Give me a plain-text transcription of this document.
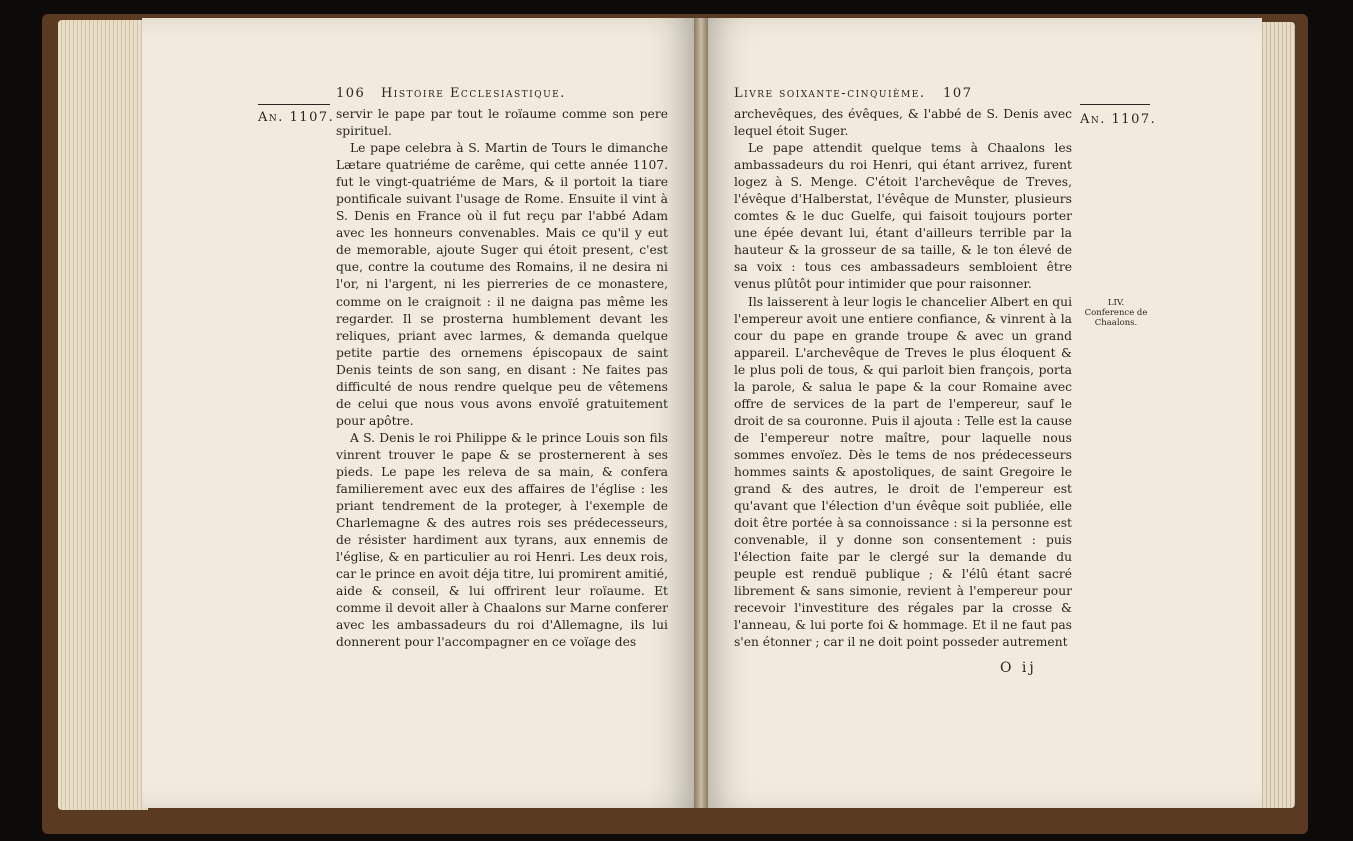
106 Histoire Ecclesiastique.
An. 1107. servir le pape par tout le roïaume comme son pere spirituel.

Le pape celebra à S. Martin de Tours le dimanche Lætare quatriéme de carême, qui cette année 1107. fut le vingt-quatriéme de Mars, & il portoit la tiare pontificale suivant l'usage de Rome. Ensuite il vint à S. Denis en France où il fut reçu par l'abbé Adam avec les honneurs convenables. Mais ce qu'il y eut de memorable, ajoute Suger qui étoit present, c'est que, contre la coutume des Romains, il ne desira ni l'or, ni l'argent, ni les pierreries de ce monastere, comme on le craignoit : il ne daigna pas même les regarder. Il se prosterna humblement devant les reliques, priant avec larmes, & demanda quelque petite partie des ornemens épiscopaux de saint Denis teints de son sang, en disant : Ne faites pas difficulté de nous rendre quelque peu de vêtemens de celui que nous vous avons envoïé gratuitement pour apôtre.

A S. Denis le roi Philippe & le prince Louis son fils vinrent trouver le pape & se prosternerent à ses pieds. Le pape les releva de sa main, & confera familierement avec eux des affaires de l'église : les priant tendrement de la proteger, à l'exemple de Charlemagne & des autres rois ses prédecesseurs, de résister hardiment aux tyrans, aux ennemis de l'église, & en particulier au roi Henri. Les deux rois, car le prince en avoit déja titre, lui promirent amitié, aide & conseil, & lui offrirent leur roïaume. Et comme il devoit aller à Chaalons sur Marne conferer avec les ambassadeurs du roi d'Allemagne, ils lui donnerent pour l'accompagner en ce voïage des

Livre soixante-cinquième. 107
An. 1107.

archevêques, des évêques, & l'abbé de S. Denis avec lequel étoit Suger.

Le pape attendit quelque tems à Chaalons les ambassadeurs du roi Henri, qui étant arrivez, furent logez à S. Menge. C'étoit l'archevêque de Treves, l'évêque d'Halberstat, l'évêque de Munster, plusieurs comtes & le duc Guelfe, qui faisoit toujours porter une épée devant lui, étant d'ailleurs terrible par la hauteur & la grosseur de sa taille, & le ton élevé de sa voix : tous ces ambassadeurs sembloient être venus plûtôt pour intimider que pour raisonner.

Ils laisserent à leur logis le chancelier Albert en qui l'empereur avoit une entiere confiance, & vinrent à la cour du pape en grande troupe & avec un grand appareil. L'archevêque de Treves le plus éloquent & le plus poli de tous, & qui parloit bien françois, porta la parole, & salua le pape & la cour Romaine avec offre de services de la part de l'empereur, sauf le droit de sa couronne. Puis il ajouta : Telle est la cause de l'empereur notre maître, pour laquelle nous sommes envoïez. Dès le tems de nos prédecesseurs hommes saints & apostoliques, de saint Gregoire le grand & des autres, le droit de l'empereur est qu'avant que l'élection d'un évêque soit publiée, elle doit être portée à sa connoissance : si la personne est convenable, il y donne son consentement : puis l'élection faite par le clergé sur la demande du peuple est renduë publique ; & l'élû étant sacré librement & sans simonie, revient à l'empereur pour recevoir l'investiture des régales par la crosse & l'anneau, & lui porte foi & hommage. Et il ne faut pas s'en étonner ; car il ne doit point posseder autrement

LIV.
Conference de Chaalons.
O ij
